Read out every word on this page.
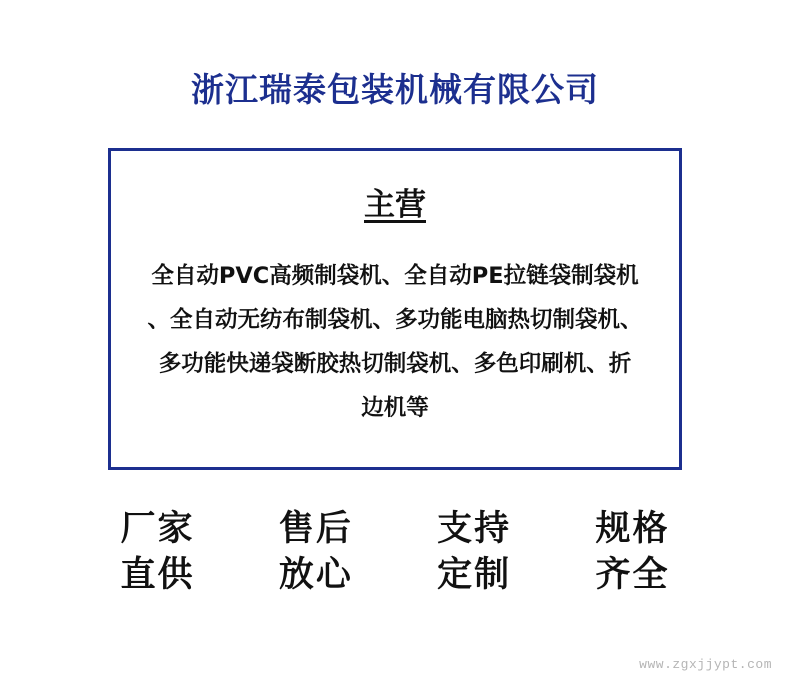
浙江瑞泰包装机械有限公司
主营
全自动PVC高频制袋机、全自动PE拉链袋制袋机
、全自动无纺布制袋机、多功能电脑热切制袋机、
多功能快递袋断胶热切制袋机、多色印刷机、折
边机等
厂家
直供
售后
放心
支持
定制
规格
齐全
www.zgxjjypt.com
